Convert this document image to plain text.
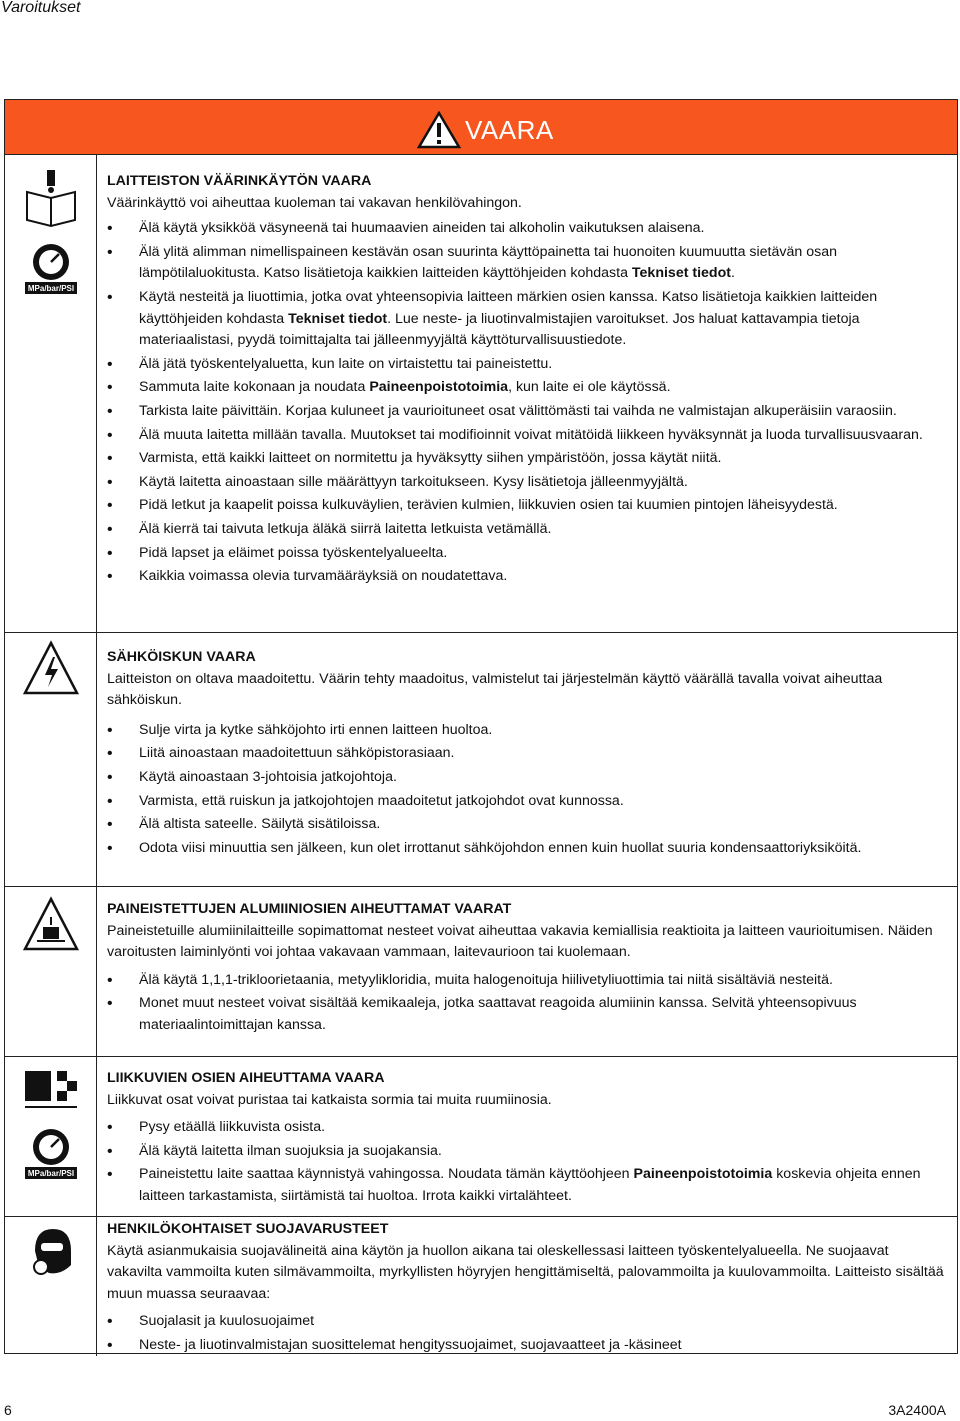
Varoitukset
VAARA
MPa/bar/PSI
LAITTEISTON VÄÄRINKÄYTÖN VAARA

Väärinkäyttö voi aiheuttaa kuoleman tai vakavan henkilövahingon.

• Älä käytä yksikköä väsyneenä tai huumaavien aineiden tai alkoholin vaikutuksen alaisena.
• Älä ylitä alimman nimellispaineen kestävän osan suurinta käyttöpainetta tai huonoiten kuumuutta sietävän osan lämpötilaluokitusta. Katso lisätietoja kaikkien laitteiden käyttöhjeiden kohdasta Tekniset tiedot.
• Käytä nesteitä ja liuottimia, jotka ovat yhteensopivia laitteen märkien osien kanssa. Katso lisätietoja kaikkien laitteiden käyttöhjeiden kohdasta Tekniset tiedot. Lue neste- ja liuotinvalmistajien varoitukset. Jos haluat kattavampia tietoja materiaalistasi, pyydä toimittajalta tai jälleenmyyjältä käyttöturvallisuustiedote.
• Älä jätä työskentelyaluetta, kun laite on virtaistettu tai paineistettu.
• Sammuta laite kokonaan ja noudata Paineenpoistotoimia, kun laite ei ole käytössä.
• Tarkista laite päivittäin. Korjaa kuluneet ja vaurioituneet osat välittömästi tai vaihda ne valmistajan alkuperäisiin varaosiin.
• Älä muuta laitetta millään tavalla. Muutokset tai modifioinnit voivat mitätöidä liikkeen hyväksynnät ja luoda turvallisuusvaaran.
• Varmista, että kaikki laitteet on normitettu ja hyväksytty siihen ympäristöön, jossa käytät niitä.
• Käytä laitetta ainoastaan sille määrättyyn tarkoitukseen. Kysy lisätietoja jälleenmyyjältä.
• Pidä letkut ja kaapelit poissa kulkuväylien, terävien kulmien, liikkuvien osien tai kuumien pintojen läheisyydestä.
• Älä kierrä tai taivuta letkuja äläkä siirrä laitetta letkuista vetämällä.
• Pidä lapset ja eläimet poissa työskentelyalueelta.
• Kaikkia voimassa olevia turvamääräyksiä on noudatettava.
SÄHKÖISKUN VAARA

Laitteiston on oltava maadoitettu. Väärin tehty maadoitus, valmistelut tai järjestelmän käyttö väärällä tavalla voivat aiheuttaa sähköiskun.

• Sulje virta ja kytke sähköjohto irti ennen laitteen huoltoa.
• Liitä ainoastaan maadoitettuun sähköpistorasiaan.
• Käytä ainoastaan 3-johtoisia jatkojohtoja.
• Varmista, että ruiskun ja jatkojohtojen maadoitetut jatkojohdot ovat kunnossa.
• Älä altista sateelle. Säilytä sisätiloissa.
• Odota viisi minuuttia sen jälkeen, kun olet irrottanut sähköjohdon ennen kuin huollat suuria kondensaattoriyksiköitä.
PAINEISTETTUJEN ALUMIINIOSIEN AIHEUTTAMAT VAARAT

Paineistetuille alumiinilaitteille sopimattomat nesteet voivat aiheuttaa vakavia kemiallisia reaktioita ja laitteen vaurioitumisen. Näiden varoitusten laiminlyönti voi johtaa vakavaan vammaan, laitevaurioon tai kuolemaan.

• Älä käytä 1,1,1-trikloorietaania, metyylikloridia, muita halogenoituja hiilivetyliuottimia tai niitä sisältäviä nesteitä.
• Monet muut nesteet voivat sisältää kemikaaleja, jotka saattavat reagoida alumiinin kanssa. Selvitä yhteensopivuus materiaalintoimittajan kanssa.
MPa/bar/PSI
LIIKKUVIEN OSIEN AIHEUTTAMA VAARA

Liikkuvat osat voivat puristaa tai katkaista sormia tai muita ruumiinosia.

• Pysy etäällä liikkuvista osista.
• Älä käytä laitetta ilman suojuksia ja suojakansia.
• Paineistettu laite saattaa käynnistyä vahingossa. Noudata tämän käyttöohjeen Paineenpoistotoimia koskevia ohjeita ennen laitteen tarkastamista, siirtämistä tai huoltoa. Irrota kaikki virtalähteet.
HENKILÖKOHTAISET SUOJAVARUSTEET

Käytä asianmukaisia suojavälineitä aina käytön ja huollon aikana tai oleskellessasi laitteen työskentelyalueella. Ne suojaavat vakavilta vammoilta kuten silmävammoilta, myrkyllisten höyryjen hengittämiseltä, palovammoilta ja kuulovammoilta. Laitteisto sisältää muun muassa seuraavaa:

• Suojalasit ja kuulosuojaimet
• Neste- ja liuotinvalmistajan suosittelemat hengityssuojaimet, suojavaatteet ja -käsineet
6	3A2400A
